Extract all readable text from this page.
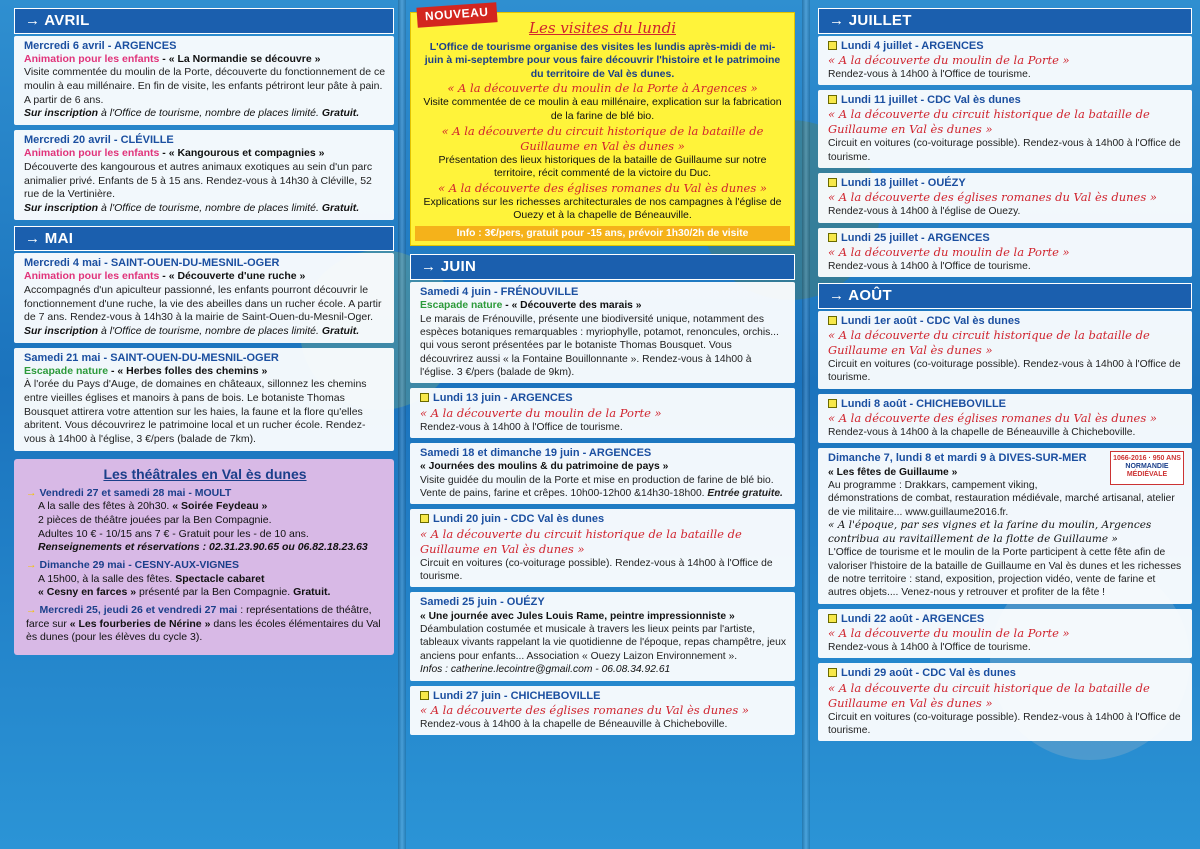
→ AVRIL
Mercredi 6 avril - ARGENCES
Animation pour les enfants - « La Normandie se découvre »
Visite commentée du moulin de la Porte, découverte du fonctionnement de ce moulin à eau millénaire. En fin de visite, les enfants pétriront leur pâte à pain. A partir de 6 ans.
Sur inscription à l'Office de tourisme, nombre de places limité. Gratuit.
Mercredi 20 avril - CLÉVILLE
Animation pour les enfants - « Kangourous et compagnies »
Découverte des kangourous et autres animaux exotiques au sein d'un parc animalier privé. Enfants de 5 à 15 ans. Rendez-vous à 14h30 à Cléville, 52 rue de la Vertinière.
Sur inscription à l'Office de tourisme, nombre de places limité. Gratuit.
→ MAI
Mercredi 4 mai - SAINT-OUEN-DU-MESNIL-OGER
Animation pour les enfants - « Découverte d'une ruche »
Accompagnés d'un apiculteur passionné, les enfants pourront découvrir le fonctionnement d'une ruche, la vie des abeilles dans un rucher école. A partir de 7 ans. Rendez-vous à 14h30 à la mairie de Saint-Ouen-du-Mesnil-Oger.
Sur inscription à l'Office de tourisme, nombre de places limité. Gratuit.
Samedi 21 mai - SAINT-OUEN-DU-MESNIL-OGER
Escapade nature - « Herbes folles des chemins »
À l'orée du Pays d'Auge, de domaines en châteaux, sillonnez les chemins entre vieilles églises et manoirs à pans de bois. Le botaniste Thomas Bousquet attirera votre attention sur les haies, la faune et la flore qu'elles abritent. Vous découvrirez le patrimoine local et un rucher école. Rendez-vous à 14h00 à l'église, 3 €/pers (balade de 7km).
Les théâtrales en Val ès dunes
→ Vendredi 27 et samedi 28 mai - MOULT
A la salle des fêtes à 20h30. « Soirée Feydeau »
2 pièces de théâtre jouées par la Ben Compagnie.
Adultes 10 € - 10/15 ans 7 € - Gratuit pour les - de 10 ans.
Renseignements et réservations : 02.31.23.90.65 ou 06.82.18.23.63
→ Dimanche 29 mai - CESNY-AUX-VIGNES
A 15h00, à la salle des fêtes. Spectacle cabaret
« Cesny en farces » présenté par la Ben Compagnie. Gratuit.
→ Mercredi 25, jeudi 26 et vendredi 27 mai : représentations de théâtre, farce sur « Les fourberies de Nérine » dans les écoles élémentaires du Val ès dunes (pour les élèves du cycle 3).
NOUVEAU
Les visites du lundi
L'Office de tourisme organise des visites les lundis après-midi de mi-juin à mi-septembre pour vous faire découvrir l'histoire et le patrimoine du territoire de Val ès dunes.
« A la découverte du moulin de la Porte à Argences »
Visite commentée de ce moulin à eau millénaire, explication sur la fabrication de la farine de blé bio.
« A la découverte du circuit historique de la bataille de Guillaume en Val ès dunes »
Présentation des lieux historiques de la bataille de Guillaume sur notre territoire, récit commenté de la victoire du Duc.
« A la découverte des églises romanes du Val ès dunes »
Explications sur les richesses architecturales de nos campagnes à l'église de Ouezy et à la chapelle de Béneauville.
Info : 3€/pers, gratuit pour -15 ans, prévoir 1h30/2h de visite
→ JUIN
Samedi 4 juin - FRÉNOUVILLE
Escapade nature - « Découverte des marais »
Le marais de Frénouville, présente une biodiversité unique, notamment des espèces botaniques remarquables : myriophylle, potamot, renoncules, orchis... qui vous seront présentées par le botaniste Thomas Bousquet. Vous découvrirez aussi « la Fontaine Bouillonnante ». Rendez-vous à 14h00 à l'église. 3 €/pers (balade de 9km).
Lundi 13 juin - ARGENCES
« A la découverte du moulin de la Porte »
Rendez-vous à 14h00 à l'Office de tourisme.
Samedi 18 et dimanche 19 juin - ARGENCES
« Journées des moulins & du patrimoine de pays »
Visite guidée du moulin de la Porte et mise en production de farine de blé bio. Vente de pains, farine et crêpes. 10h00-12h00 &14h30-18h00. Entrée gratuite.
Lundi 20 juin - CDC Val ès dunes
« A la découverte du circuit historique de la bataille de Guillaume en Val ès dunes »
Circuit en voitures (co-voiturage possible). Rendez-vous à 14h00 à l'Office de tourisme.
Samedi 25 juin - OUÉZY
« Une journée avec Jules Louis Rame, peintre impressionniste »
Déambulation costumée et musicale à travers les lieux peints par l'artiste, tableaux vivants rappelant la vie quotidienne de l'époque, repas champêtre, jeux anciens pour enfants... Association « Ouezy Laizon Environnement ».
Infos : catherine.lecointre@gmail.com - 06.08.34.92.61
Lundi 27 juin - CHICHEBOVILLE
« A la découverte des églises romanes du Val ès dunes »
Rendez-vous à 14h00 à la chapelle de Béneauville à Chicheboville.
→ JUILLET
Lundi 4 juillet - ARGENCES
« A la découverte du moulin de la Porte »
Rendez-vous à 14h00 à l'Office de tourisme.
Lundi 11 juillet - CDC Val ès dunes
« A la découverte du circuit historique de la bataille de Guillaume en Val ès dunes »
Circuit en voitures (co-voiturage possible). Rendez-vous à 14h00 à l'Office de tourisme.
Lundi 18 juillet - OUÉZY
« A la découverte des églises romanes du Val ès dunes »
Rendez-vous à 14h00 à l'église de Ouezy.
Lundi 25 juillet - ARGENCES
« A la découverte du moulin de la Porte »
Rendez-vous à 14h00 à l'Office de tourisme.
→ AOÛT
Lundi 1er août - CDC Val ès dunes
« A la découverte du circuit historique de la bataille de Guillaume en Val ès dunes »
Circuit en voitures (co-voiturage possible). Rendez-vous à 14h00 à l'Office de tourisme.
Lundi 8 août - CHICHEBOVILLE
« A la découverte des églises romanes du Val ès dunes »
Rendez-vous à 14h00 à la chapelle de Béneauville à Chicheboville.
1066-2016 · 950 ANS
NORMANDIE
MÉDIÉVALE
Dimanche 7, lundi 8 et mardi 9 à DIVES-SUR-MER
« Les fêtes de Guillaume »
Au programme : Drakkars, campement viking, démonstrations de combat, restauration médiévale, marché artisanal, atelier de vie militaire... www.guillaume2016.fr.
« A l'époque, par ses vignes et la farine du moulin, Argences contribua au ravitaillement de la flotte de Guillaume »
L'Office de tourisme et le moulin de la Porte participent à cette fête afin de valoriser l'histoire de la bataille de Guillaume en Val ès dunes et les richesses de notre territoire : stand, exposition, projection vidéo, vente de farine et autres objets.... Venez-nous y retrouver et profiter de la fête !
Lundi 22 août - ARGENCES
« A la découverte du moulin de la Porte »
Rendez-vous à 14h00 à l'Office de tourisme.
Lundi 29 août - CDC Val ès dunes
« A la découverte du circuit historique de la bataille de Guillaume en Val ès dunes »
Circuit en voitures (co-voiturage possible). Rendez-vous à 14h00 à l'Office de tourisme.
